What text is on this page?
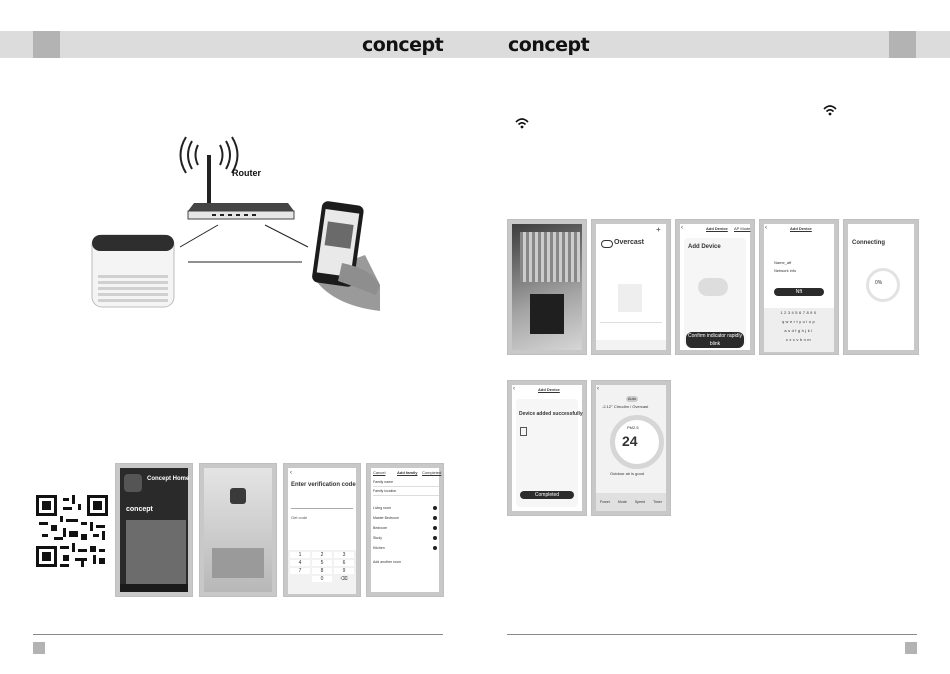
concept	concept
Router
Concept Home
concept
‹
Enter verification code
Get code
1	2	3
4	5	6
7	8	9
0	⌫
Cancel	Add family Completed
Family name
Family location
Living room
Master Bedroom
Bedroom
Study
Kitchen
Add another room
+
Overcast
‹	Add Device AP Mode
Add Device
Confirm indicator rapidly blink
‹	Add Device
Name_aff
Network info
Nft
1234567890
qwertyuiop
asdfghjkl
zxcvbnm
Connecting
0%
‹	Add Device
Device added successfully
Completed
‹
Auto
-2.12° Chrudim / Overcast
PM2.5
24
Outdoor air is good
Power Mode Speed Timer
